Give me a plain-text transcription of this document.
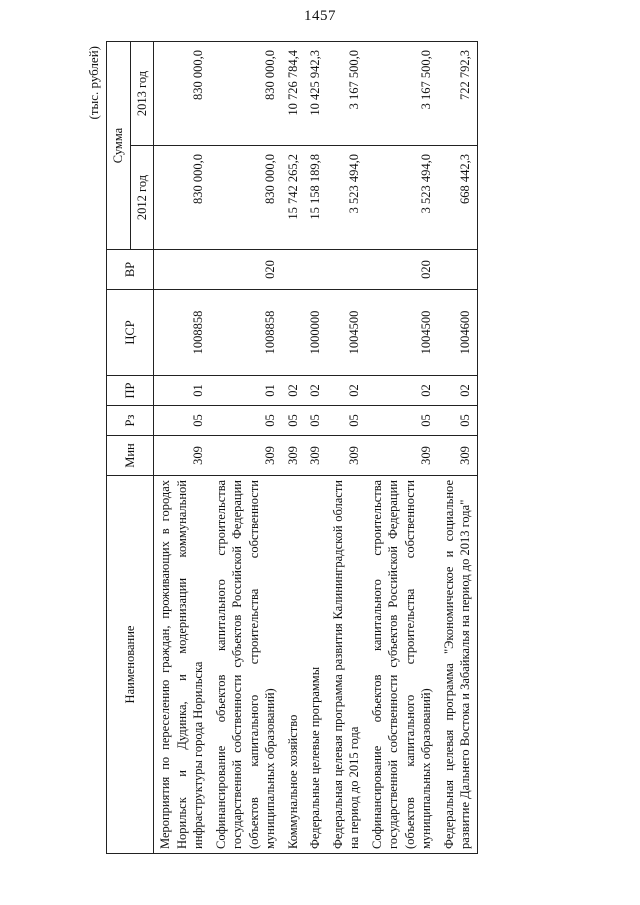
1457
(тыс. рублей)
Наименование	Мин	Рз	ПР	ЦСР	ВР	Сумма	
						2012 год	2013 год
Мероприятия по переселению граждан, проживающих в городах Норильск и Дудинка, и модернизации коммунальной инфраструктуры города Норильска	309	05	01	1008858		830 000,0	830 000,0
Софинансирование объектов капитального строительства государственной собственности субъектов Российской Федерации (объектов капитального строительства собственности муниципальных образований)	309	05	01	1008858	020	830 000,0	830 000,0
Коммунальное хозяйство	309	05	02			15 742 265,2	10 726 784,4
Федеральные целевые программы	309	05	02	1000000		15 158 189,8	10 425 942,3
Федеральная целевая программа развития Калининградской области на период до 2015 года	309	05	02	1004500		3 523 494,0	3 167 500,0
Софинансирование объектов капитального строительства государственной собственности субъектов Российской Федерации (объектов капитального строительства собственности муниципальных образований)	309	05	02	1004500	020	3 523 494,0	3 167 500,0
Федеральная целевая программа "Экономическое и социальное развитие Дальнего Востока и Забайкалья на период до 2013 года"	309	05	02	1004600		668 442,3	722 792,3
